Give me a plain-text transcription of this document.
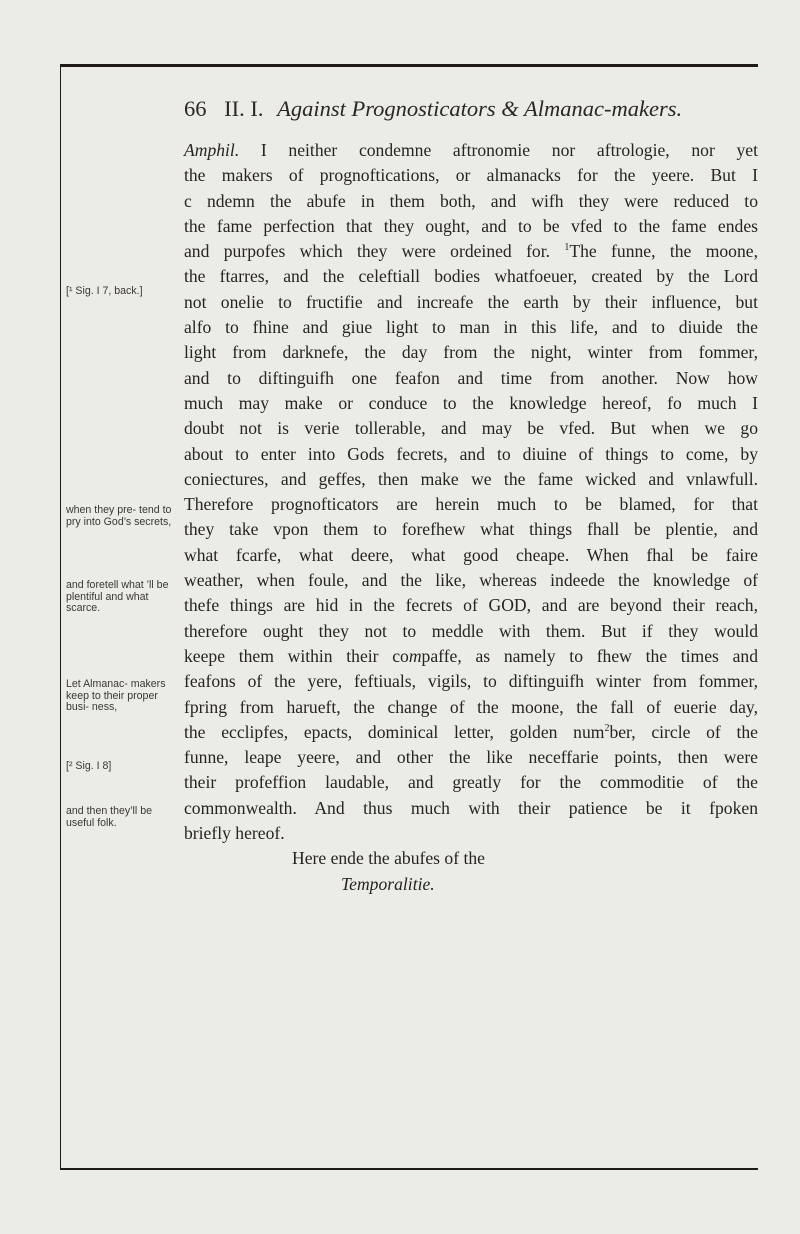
66 II. I. Against Prognosticators & Almanac-makers.
[¹ Sig. I 7, back.]
when they pre- tend to pry into God’s secrets,
and foretell what ’ll be plentiful and what scarce.
Let Almanac- makers keep to their proper busi- ness,
[² Sig. I 8]
and then they’ll be useful folk.
Amphil. I neither condemne aftronomie nor aftrologie, nor yet
the makers of prognoftications, or almanacks for the yeere. But I
c ndemn the abufe in them both, and wifh they were reduced to
the fame perfection that they ought, and to be vfed to the fame endes
and purpofes which they were ordeined for. $^1$The funne, the moone,
the ftarres, and the celeftiall bodies whatfoeuer, created by the Lord
not onelie to fructifie and increafe the earth by their influence, but
alfo to fhine and giue light to man in this life, and to diuide the
light from darknefe, the day from the night, winter from fommer,
and to diftinguifh one feafon and time from another. Now how
much may make or conduce to the knowledge hereof, fo much I
doubt not is verie tollerable, and may be vfed. But when we go
about to enter into Gods fecrets, and to diuine of things to come, by
coniectures, and geffes, then make we the fame wicked and vnlawfull.
Therefore prognofticators are herein much to be blamed, for that
they take vpon them to forefhew what things fhall be plentie, and
what fcarfe, what deere, what good cheape. When fhal be faire
weather, when foule, and the like, whereas indeede the knowledge of
thefe things are hid in the fecrets of GOD, and are beyond their reach,
therefore ought they not to meddle with them. But if they would
keepe them within their compaffe, as namely to fhew the times and
feafons of the yere, feftiuals, vigils, to diftinguifh winter from fommer,
fpring from harueft, the change of the moone, the fall of euerie day,
the ecclipfes, epacts, dominical letter, golden num$^2$ber, circle of the
funne, leape yeere, and other the like neceffarie points, then were
their profeffion laudable, and greatly for the commoditie of the
commonwealth. And thus much with their patience be it fpoken
briefly hereof.
Here ende the abufes of the
Temporalitie.
